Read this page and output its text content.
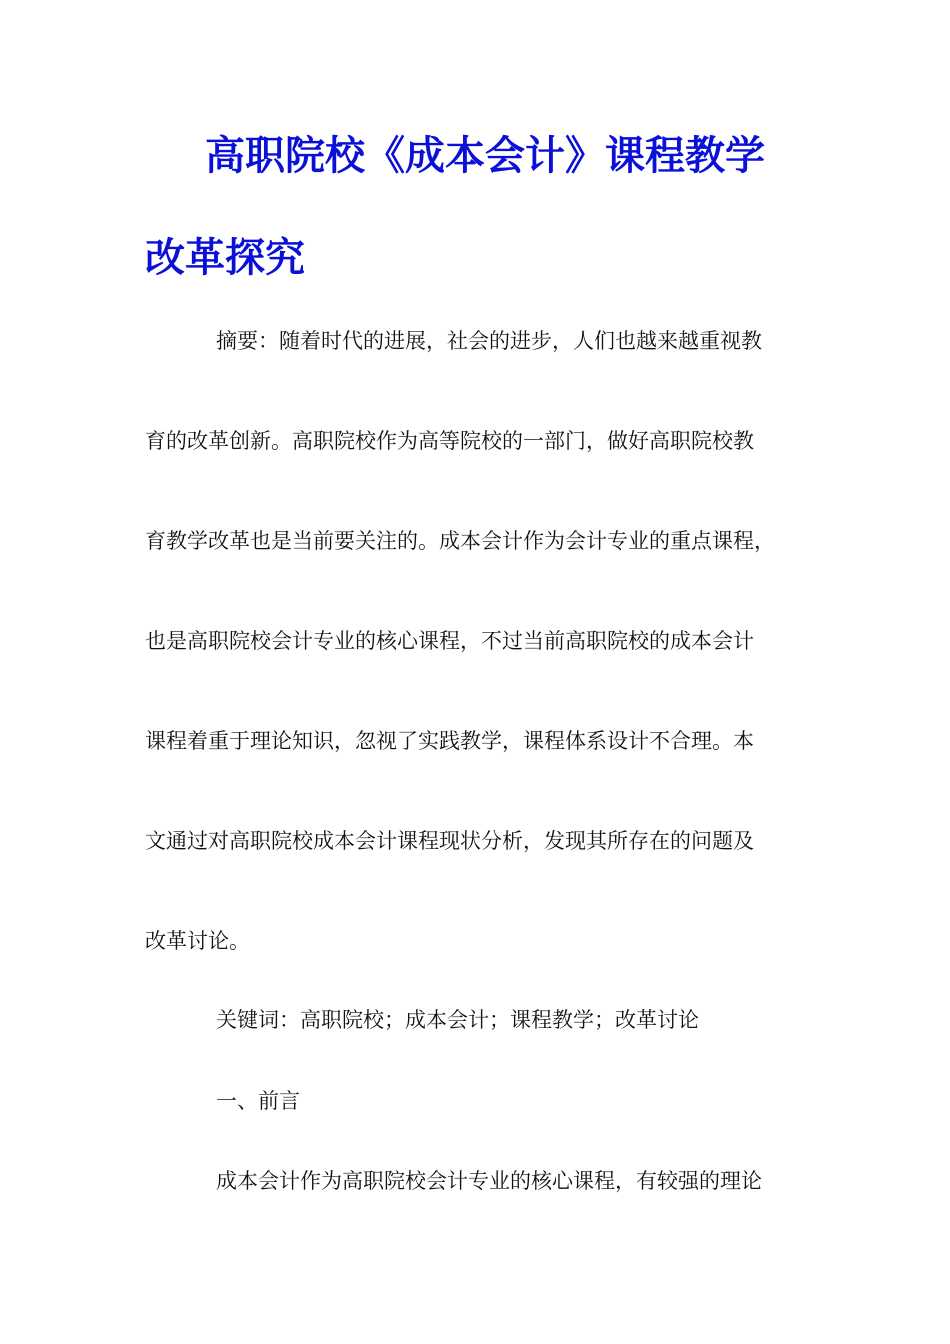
高职院校《成本会计》课程教学
改革探究
摘要：随着时代的进展，社会的进步，人们也越来越重视教
育的改革创新。高职院校作为高等院校的一部门，做好高职院校教
育教学改革也是当前要关注的。成本会计作为会计专业的重点课程，
也是高职院校会计专业的核心课程，不过当前高职院校的成本会计
课程着重于理论知识，忽视了实践教学，课程体系设计不合理。本
文通过对高职院校成本会计课程现状分析，发现其所存在的问题及
改革讨论。
关键词：高职院校；成本会计；课程教学；改革讨论
一、前言
成本会计作为高职院校会计专业的核心课程，有较强的理论
